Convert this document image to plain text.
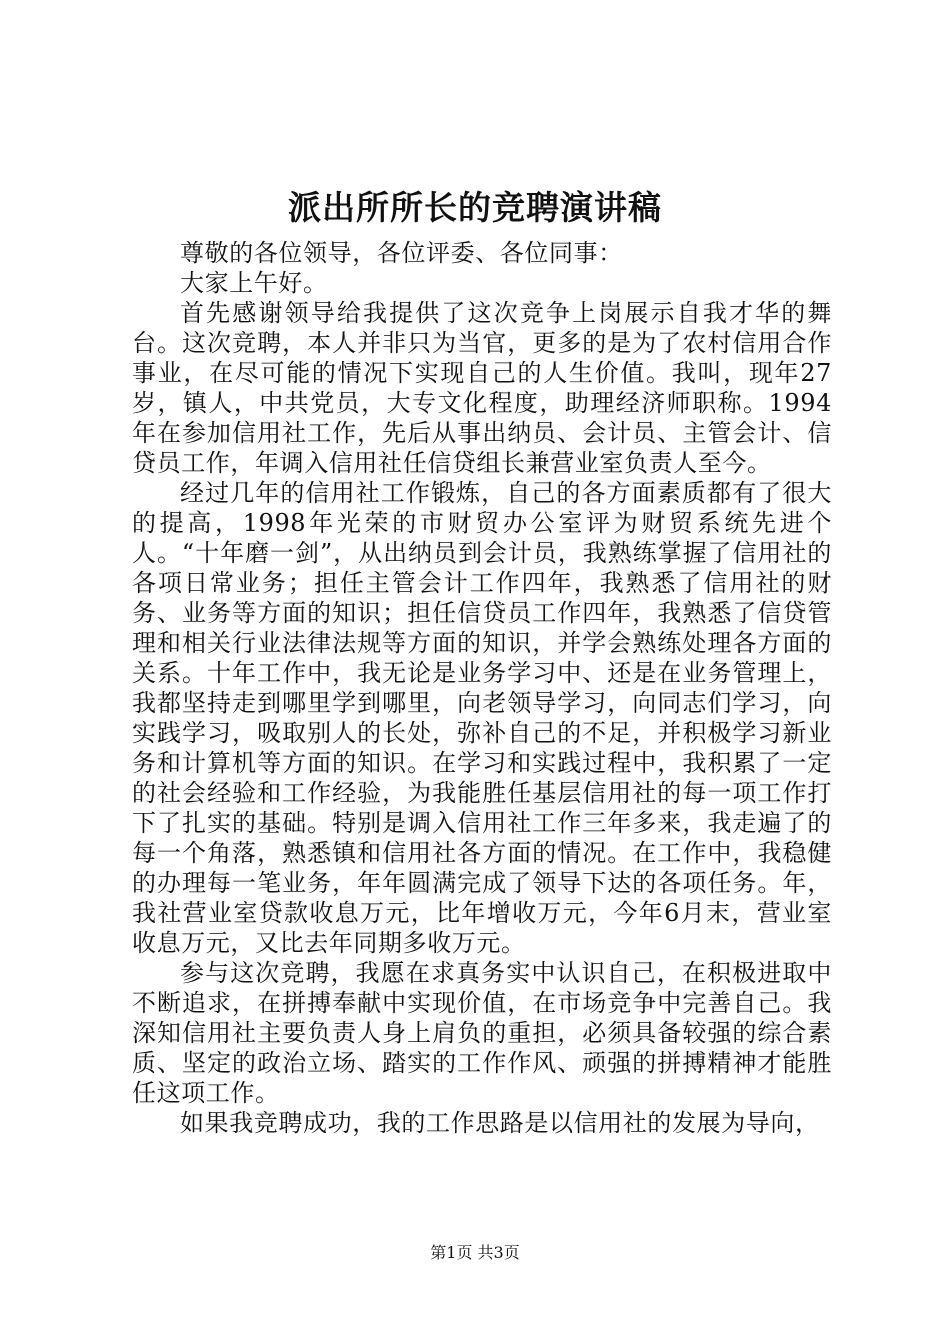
派出所所长的竞聘演讲稿

尊敬的各位领导，各位评委、各位同事：

大家上午好。

首先感谢领导给我提供了这次竞争上岗展示自我才华的舞台。这次竞聘，本人并非只为当官，更多的是为了农村信用合作事业，在尽可能的情况下实现自己的人生价值。我叫，现年27岁，镇人，中共党员，大专文化程度，助理经济师职称。1994年在参加信用社工作，先后从事出纳员、会计员、主管会计、信贷员工作，年调入信用社任信贷组长兼营业室负责人至今。

经过几年的信用社工作锻炼，自己的各方面素质都有了很大的提高，1998年光荣的市财贸办公室评为财贸系统先进个人。“十年磨一剑”，从出纳员到会计员，我熟练掌握了信用社的各项日常业务；担任主管会计工作四年，我熟悉了信用社的财务、业务等方面的知识；担任信贷员工作四年，我熟悉了信贷管理和相关行业法律法规等方面的知识，并学会熟练处理各方面的关系。十年工作中，我无论是业务学习中、还是在业务管理上，我都坚持走到哪里学到哪里，向老领导学习，向同志们学习，向实践学习，吸取别人的长处，弥补自己的不足，并积极学习新业务和计算机等方面的知识。在学习和实践过程中，我积累了一定的社会经验和工作经验，为我能胜任基层信用社的每一项工作打下了扎实的基础。特别是调入信用社工作三年多来，我走遍了的每一个角落，熟悉镇和信用社各方面的情况。在工作中，我稳健的办理每一笔业务，年年圆满完成了领导下达的各项任务。年，我社营业室贷款收息万元，比年增收万元，今年6月末，营业室收息万元，又比去年同期多收万元。

参与这次竞聘，我愿在求真务实中认识自己，在积极进取中不断追求，在拼搏奉献中实现价值，在市场竞争中完善自己。我深知信用社主要负责人身上肩负的重担，必须具备较强的综合素质、坚定的政治立场、踏实的工作作风、顽强的拼搏精神才能胜任这项工作。

如果我竞聘成功，我的工作思路是以信用社的发展为导向，

第1页 共3页
